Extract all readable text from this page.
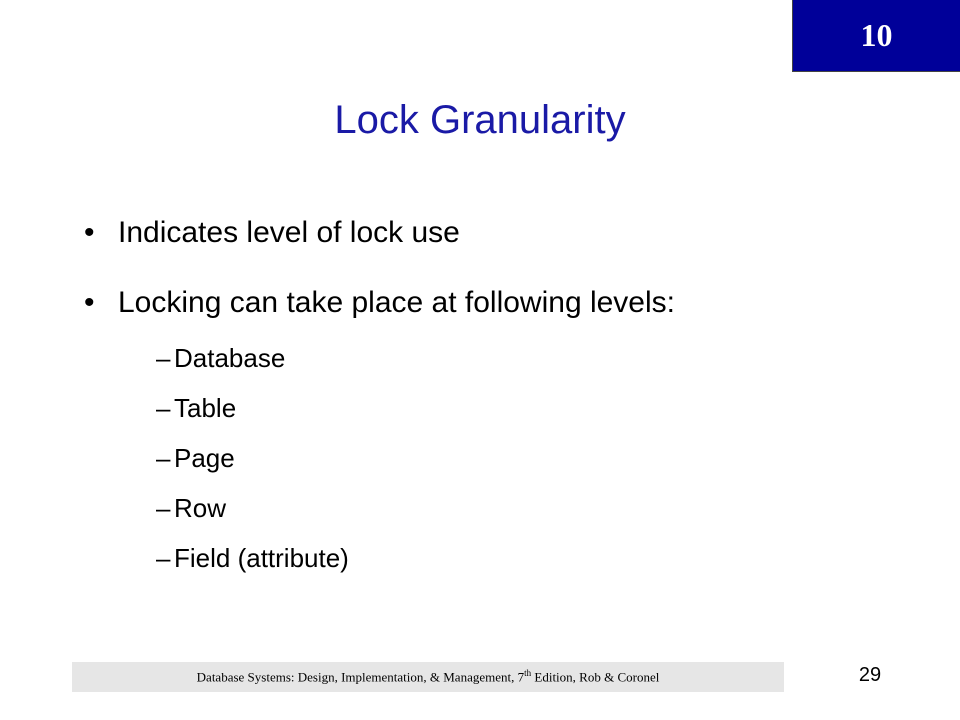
10
Lock Granularity
• Indicates level of lock use
• Locking can take place at following levels:
– Database
– Table
– Page
– Row
– Field (attribute)
Database Systems: Design, Implementation, & Management, 7th Edition, Rob & Coronel	29
